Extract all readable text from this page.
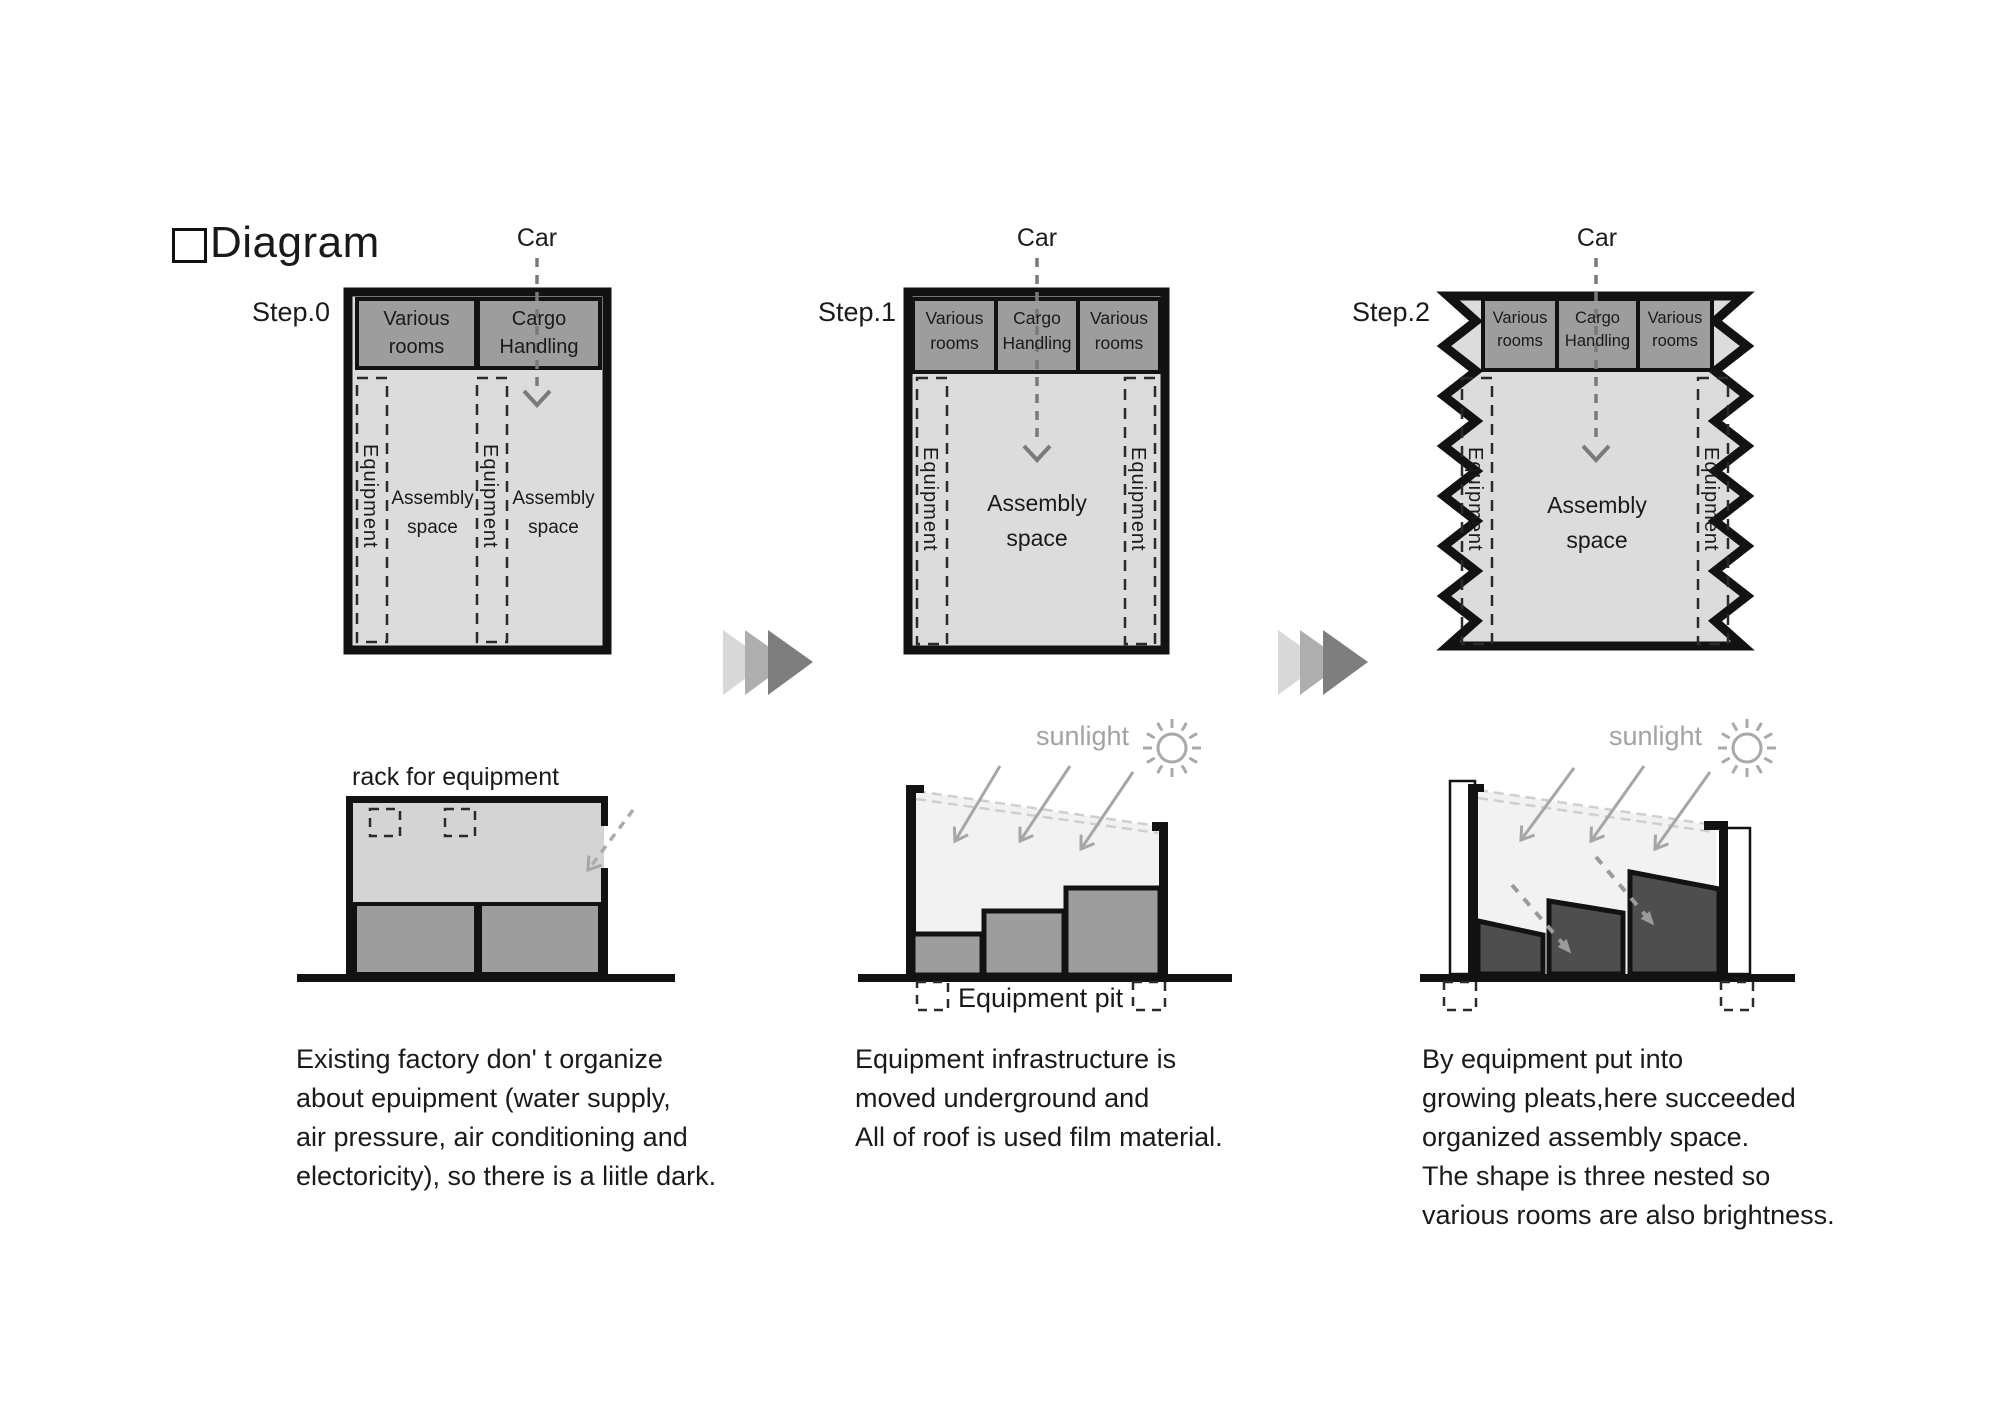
Diagram
Step.0	Step.1	Step.2
Car	Car	Car
Various rooms
Cargo Handling
Equipment	Equipment
Assembly space
Assembly space
Various rooms
Cargo Handling
Various rooms
Equipment	Equipment
Assembly space
Various rooms
Cargo Handling
Various rooms
Equipment	Equipment
Assembly space
rack for equipment
sunlight	sunlight
Equipment pit
Existing factory don' t organize
about epuipment (water supply,
air pressure, air conditioning and
electoricity), so there is a liitle dark.
Equipment infrastructure is
moved underground and
All of roof is used film material.
By equipment put into
growing pleats,here succeeded
organized assembly space.
The shape is three nested so
various rooms are also brightness.
